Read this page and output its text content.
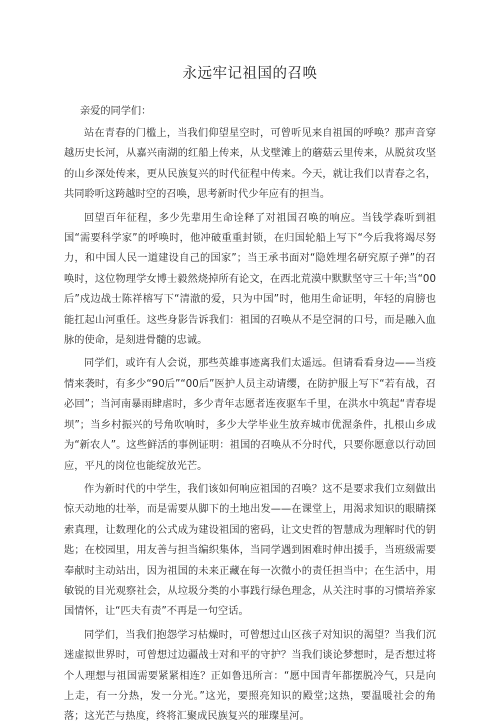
永远牢记祖国的召唤

亲爱的同学们：

站在青春的门槛上，当我们仰望星空时，可曾听见来自祖国的呼唤？那声音穿越历史长河，从嘉兴南湖的红船上传来，从戈壁滩上的蘑菇云里传来，从脱贫攻坚的山乡深处传来，更从民族复兴的时代征程中传来。今天，就让我们以青春之名，共同聆听这跨越时空的召唤，思考新时代少年应有的担当。

回望百年征程，多少先辈用生命诠释了对祖国召唤的响应。当钱学森听到祖国“需要科学家”的呼唤时，他冲破重重封锁，在归国轮船上写下“今后我将竭尽努力，和中国人民一道建设自己的国家”；当王承书面对“隐姓埋名研究原子弹”的召唤时，这位物理学女博士毅然烧掉所有论文，在西北荒漠中默默坚守三十年;当“00后”戍边战士陈祥榕写下“清澈的爱，只为中国”时，他用生命证明，年轻的肩膀也能扛起山河重任。这些身影告诉我们：祖国的召唤从不是空洞的口号，而是融入血脉的使命，是刻进骨髓的忠诚。

同学们，或许有人会说，那些英雄事迹离我们太遥远。但请看看身边——当疫情来袭时，有多少“90后”“00后”医护人员主动请缨，在防护服上写下“若有战，召必回”；当河南暴雨肆虐时，多少青年志愿者连夜驱车千里，在洪水中筑起“青春堤坝”；当乡村振兴的号角吹响时，多少大学毕业生放弃城市优渥条件，扎根山乡成为“新农人”。这些鲜活的事例证明：祖国的召唤从不分时代，只要你愿意以行动回应，平凡的岗位也能绽放光芒。

作为新时代的中学生，我们该如何响应祖国的召唤？这不是要求我们立刻做出惊天动地的壮举，而是需要从脚下的土地出发——在课堂上，用渴求知识的眼睛探索真理，让数理化的公式成为建设祖国的密码，让文史哲的智慧成为理解时代的钥匙；在校园里，用友善与担当编织集体，当同学遇到困难时伸出援手，当班级需要奉献时主动站出，因为祖国的未来正藏在每一次微小的责任担当中；在生活中，用敏锐的目光观察社会，从垃圾分类的小事践行绿色理念，从关注时事的习惯培养家国情怀，让“匹夫有责”不再是一句空话。

同学们，当我们抱怨学习枯燥时，可曾想过山区孩子对知识的渴望？当我们沉迷虚拟世界时，可曾想过边疆战士对和平的守护？当我们谈论梦想时，是否想过将个人理想与祖国需要紧紧相连？正如鲁迅所言：“愿中国青年都摆脱冷气，只是向上走，有一分热，发一分光。”这光，要照亮知识的殿堂;这热，要温暖社会的角落；这光芒与热度，终将汇聚成民族复兴的璀璨星河。
